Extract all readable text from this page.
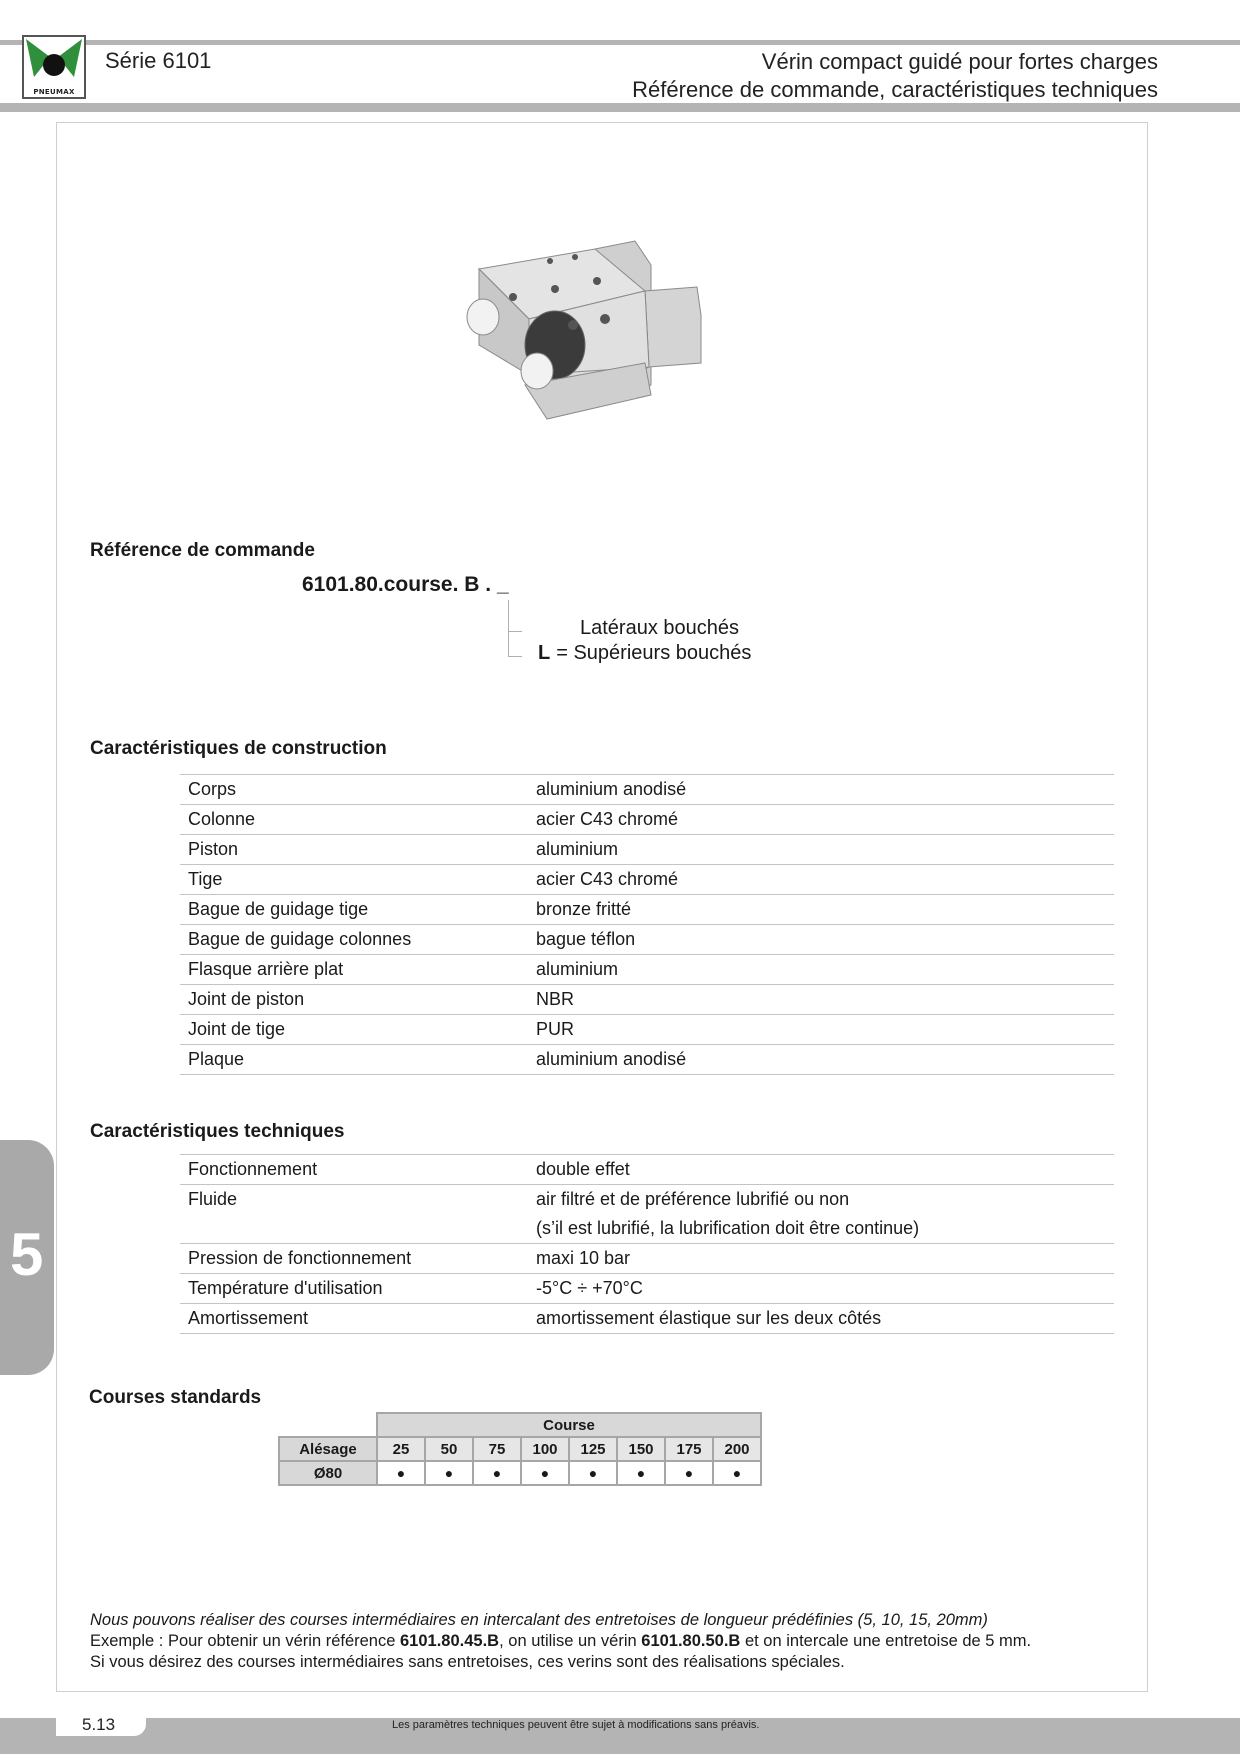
PNEUMAX
Série 6101	Vérin compact guidé pour fortes charges
Référence de commande, caractéristiques techniques
5
Référence de commande
6101.80.course. B . _
Latéraux bouchés
L = Supérieurs bouchés
Caractéristiques de construction
Corps	aluminium anodisé
Colonne	acier C43 chromé
Piston	aluminium
Tige	acier C43 chromé
Bague de guidage tige	bronze fritté
Bague de guidage colonnes	bague téflon
Flasque arrière plat	aluminium
Joint de piston	NBR
Joint de tige	PUR
Plaque	aluminium anodisé
Caractéristiques techniques
Fonctionnement	double effet
Fluide	air filtré et de préférence lubrifié ou non
	(s’il est lubrifié, la lubrification doit être continue)
Pression de fonctionnement	maxi 10 bar
Température d'utilisation	-5°C ÷ +70°C
Amortissement	amortissement élastique sur les deux côtés
Courses standards
	Course							
Alésage	25	50	75	100	125	150	175	200
Ø80	●	●	●	●	●	●	●	●
Nous pouvons réaliser des courses intermédiaires en intercalant des entretoises de longueur prédéfinies (5, 10, 15, 20mm)
Exemple : Pour obtenir un vérin référence 6101.80.45.B, on utilise un vérin 6101.80.50.B et on intercale une entretoise de 5 mm.
Si vous désirez des courses intermédiaires sans entretoises, ces verins sont des réalisations spéciales.
5.13	Les paramètres techniques peuvent être sujet à modifications sans préavis.
